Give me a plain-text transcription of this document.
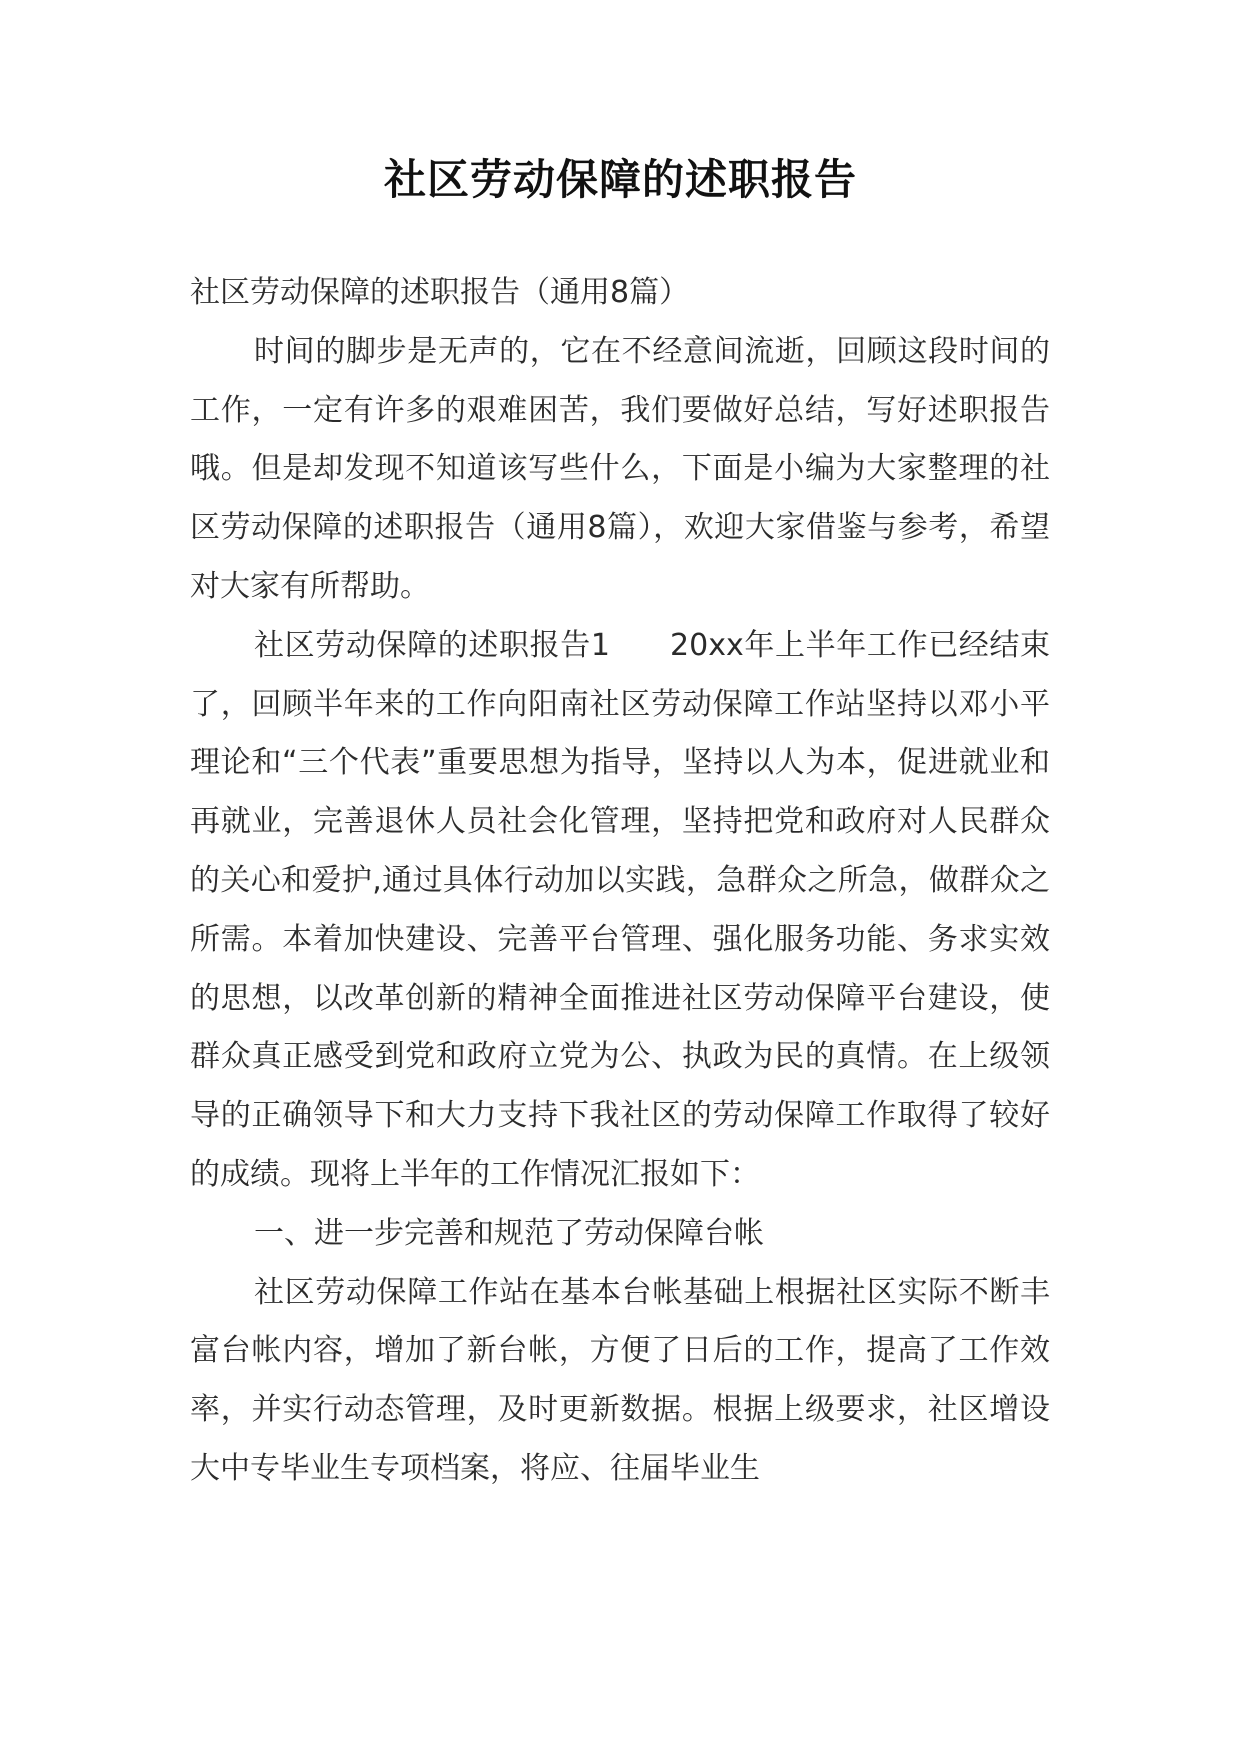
社区劳动保障的述职报告

社区劳动保障的述职报告（通用8篇）

时间的脚步是无声的，它在不经意间流逝，回顾这段时间的工作，一定有许多的艰难困苦，我们要做好总结，写好述职报告哦。但是却发现不知道该写些什么，下面是小编为大家整理的社区劳动保障的述职报告（通用8篇），欢迎大家借鉴与参考，希望对大家有所帮助。

社区劳动保障的述职报告1 20xx年上半年工作已经结束了，回顾半年来的工作向阳南社区劳动保障工作站坚持以邓小平理论和“三个代表”重要思想为指导，坚持以人为本，促进就业和再就业，完善退休人员社会化管理，坚持把党和政府对人民群众的关心和爱护,通过具体行动加以实践，急群众之所急，做群众之所需。本着加快建设、完善平台管理、强化服务功能、务求实效的思想，以改革创新的精神全面推进社区劳动保障平台建设，使群众真正感受到党和政府立党为公、执政为民的真情。在上级领导的正确领导下和大力支持下我社区的劳动保障工作取得了较好的成绩。现将上半年的工作情况汇报如下：

一、进一步完善和规范了劳动保障台帐

社区劳动保障工作站在基本台帐基础上根据社区实际不断丰富台帐内容，增加了新台帐，方便了日后的工作，提高了工作效率，并实行动态管理，及时更新数据。根据上级要求，社区增设大中专毕业生专项档案，将应、往届毕业生
